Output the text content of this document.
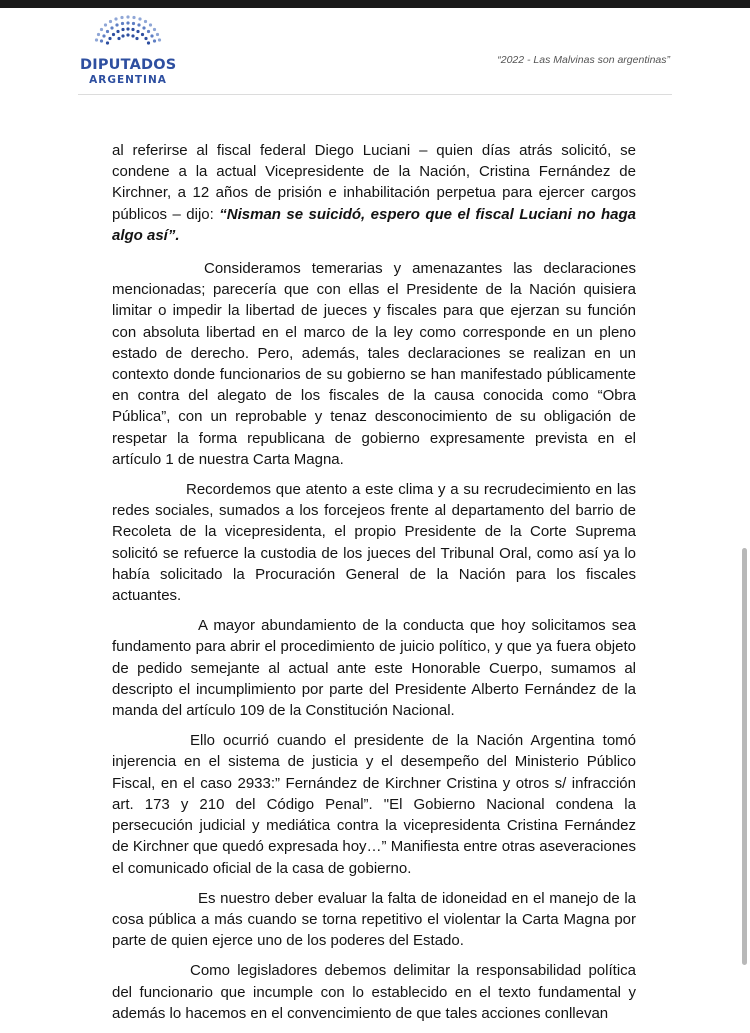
DIPUTADOS
ARGENTINA
“2022 - Las Malvinas son argentinas”

al referirse al fiscal federal Diego Luciani – quien días atrás solicitó, se condene a la actual Vicepresidente de la Nación, Cristina Fernández de Kirchner, a 12 años de prisión e inhabilitación perpetua para ejercer cargos públicos – dijo: “Nisman se suicidó, espero que el fiscal Luciani no haga algo así”.

Consideramos temerarias y amenazantes las declaraciones mencionadas; parecería que con ellas el Presidente de la Nación quisiera limitar o impedir la libertad de jueces y fiscales para que ejerzan su función con absoluta libertad en el marco de la ley como corresponde en un pleno estado de derecho. Pero, además, tales declaraciones se realizan en un contexto donde funcionarios de su gobierno se han manifestado públicamente en contra del alegato de los fiscales de la causa conocida como “Obra Pública”, con un reprobable y tenaz desconocimiento de su obligación de respetar la forma republicana de gobierno expresamente prevista en el artículo 1 de nuestra Carta Magna.

Recordemos que atento a este clima y a su recrudecimiento en las redes sociales, sumados a los forcejeos frente al departamento del barrio de Recoleta de la vicepresidenta, el propio Presidente de la Corte Suprema solicitó se refuerce la custodia de los jueces del Tribunal Oral, como así ya lo había solicitado la Procuración General de la Nación para los fiscales actuantes.

A mayor abundamiento de la conducta que hoy solicitamos sea fundamento para abrir el procedimiento de juicio político, y que ya fuera objeto de pedido semejante al actual ante este Honorable Cuerpo, sumamos al descripto el incumplimiento por parte del Presidente Alberto Fernández de la manda del artículo 109 de la Constitución Nacional.

Ello ocurrió cuando el presidente de la Nación Argentina tomó injerencia en el sistema de justicia y el desempeño del Ministerio Público Fiscal, en el caso 2933:” Fernández de Kirchner Cristina y otros s/ infracción art. 173 y 210 del Código Penal”. "El Gobierno Nacional condena la persecución judicial y mediática contra la vicepresidenta Cristina Fernández de Kirchner que quedó expresada hoy…” Manifiesta entre otras aseveraciones el comunicado oficial de la casa de gobierno.

Es nuestro deber evaluar la falta de idoneidad en el manejo de la cosa pública a más cuando se torna repetitivo el violentar la Carta Magna por parte de quien ejerce uno de los poderes del Estado.

Como legisladores debemos delimitar la responsabilidad política del funcionario que incumple con lo establecido en el texto fundamental y además lo hacemos en el convencimiento de que tales acciones conllevan
